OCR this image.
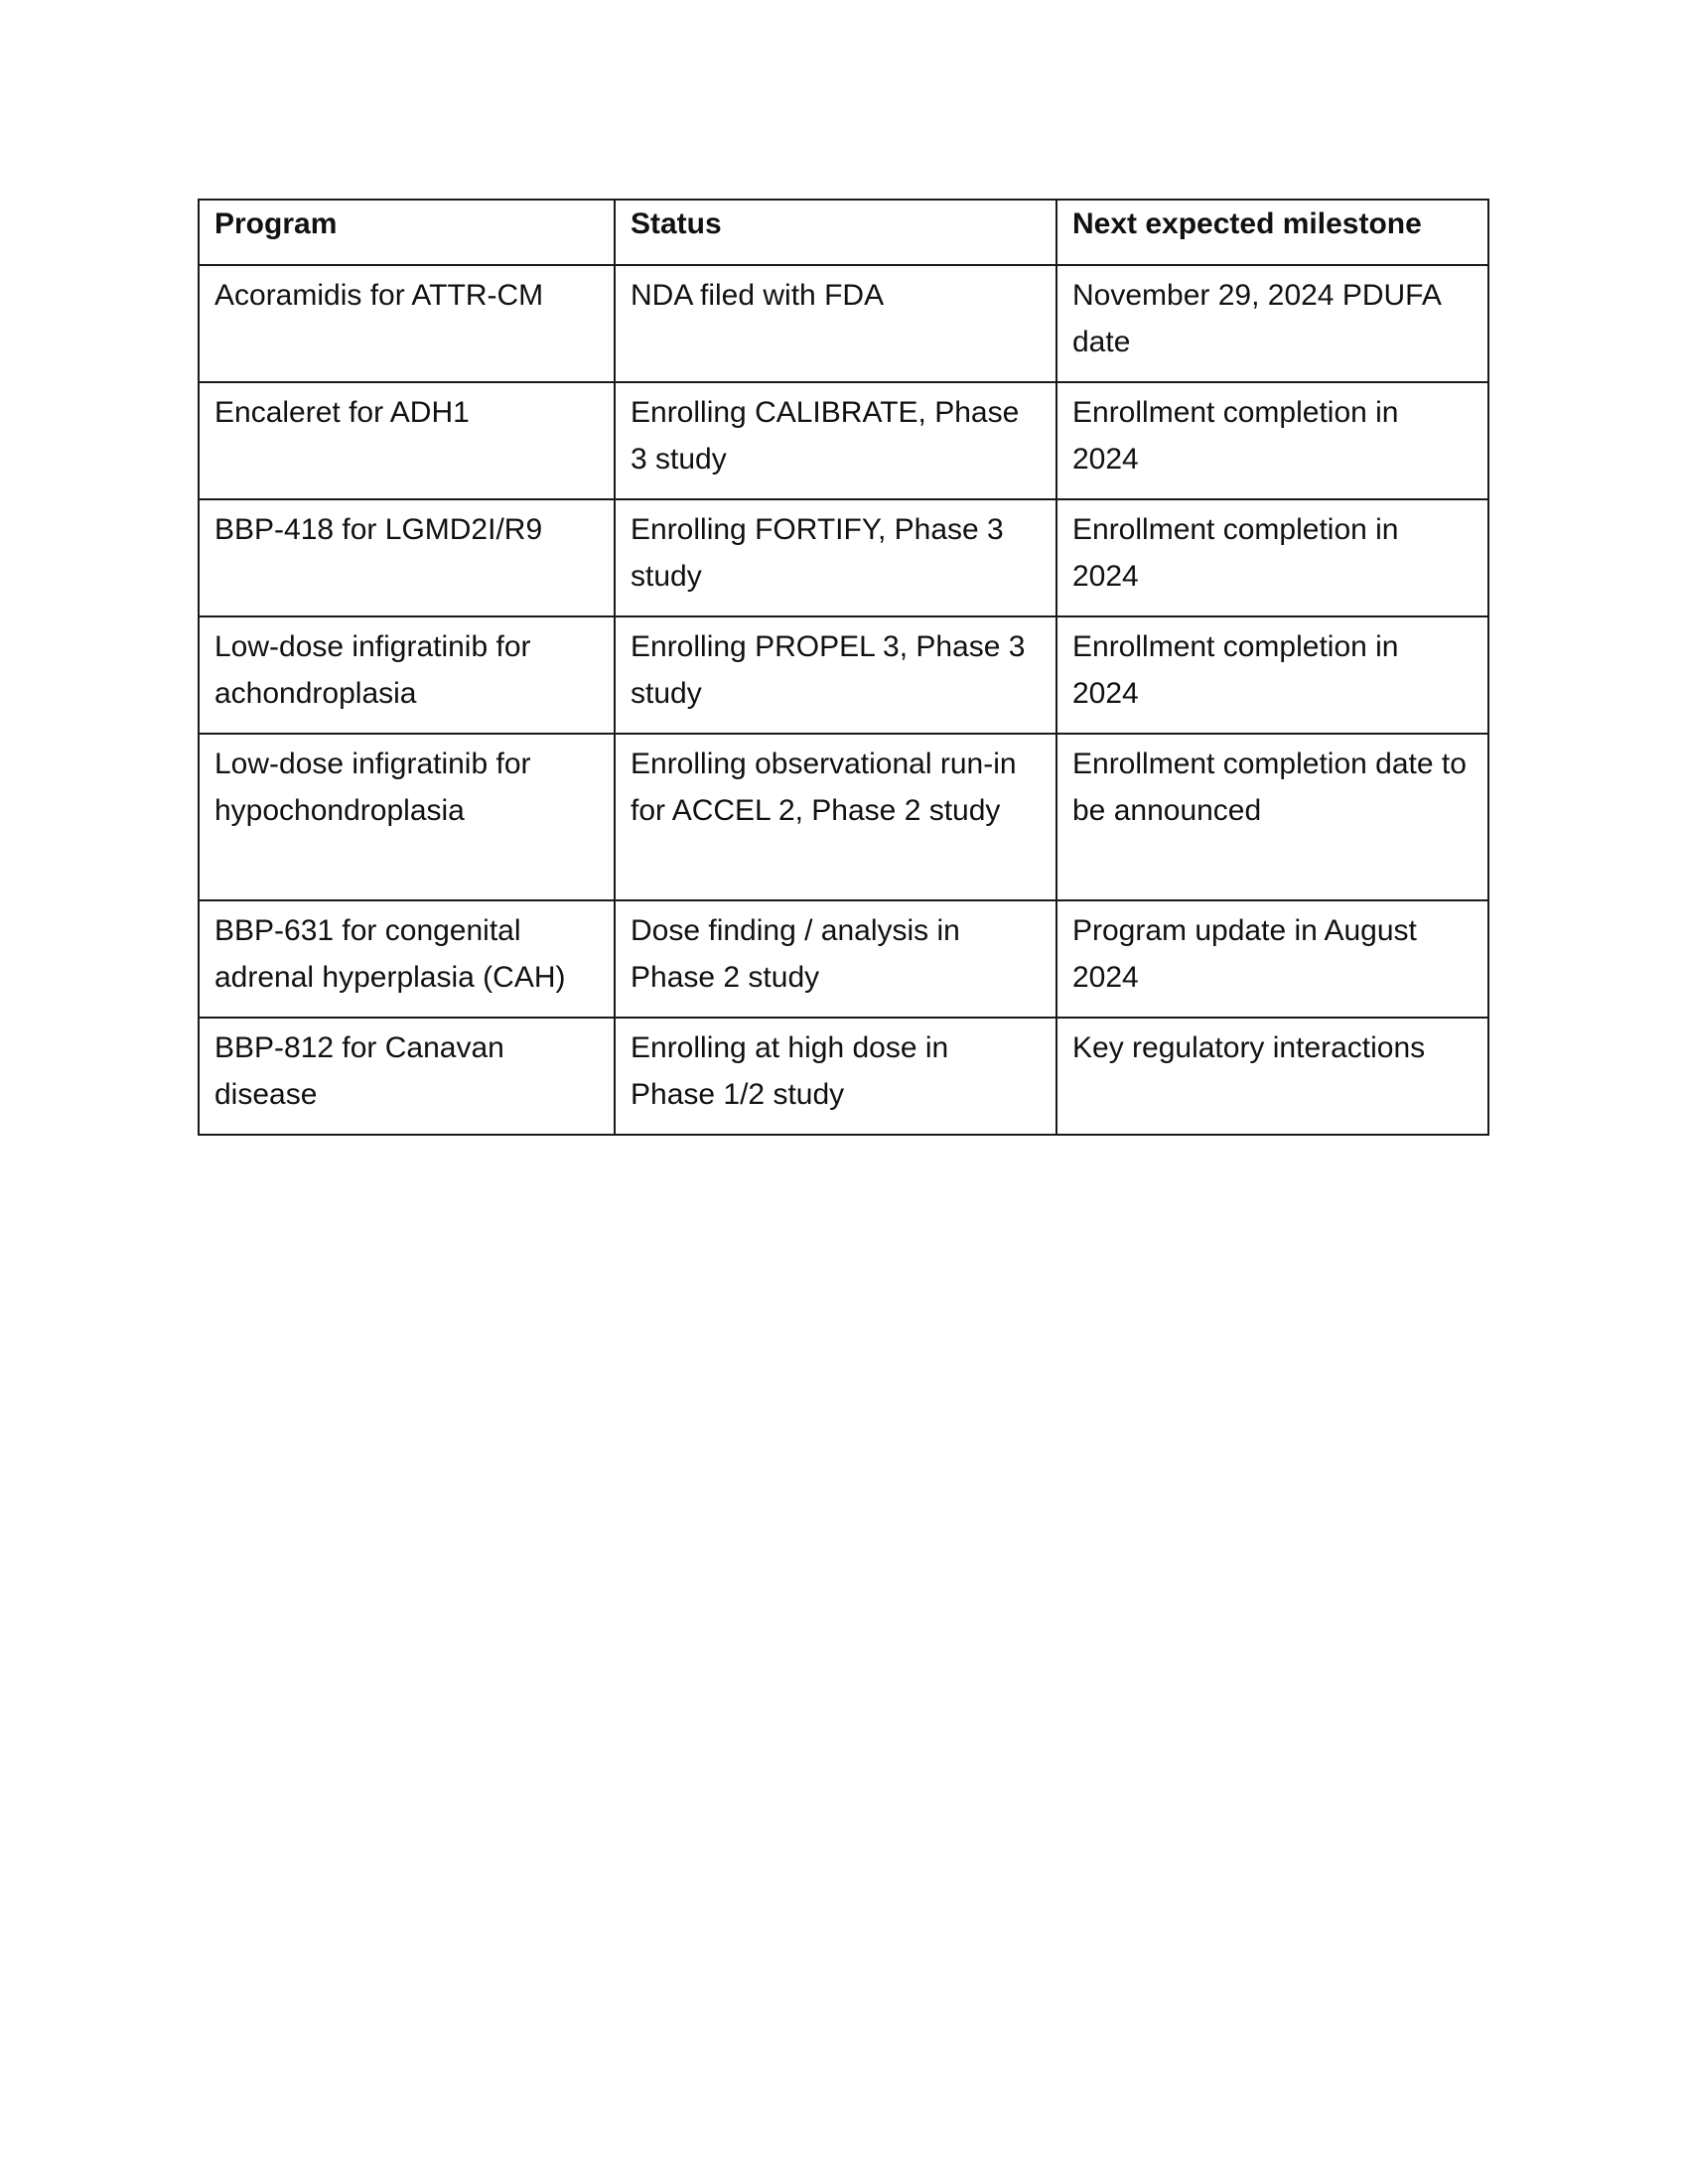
Program	Status	Next expected milestone
Acoramidis for ATTR-CM	NDA filed with FDA	November 29, 2024 PDUFA date
Encaleret for ADH1	Enrolling CALIBRATE, Phase 3 study	Enrollment completion in 2024
BBP-418 for LGMD2I/R9	Enrolling FORTIFY, Phase 3 study	Enrollment completion in 2024
Low-dose infigratinib for achondroplasia	Enrolling PROPEL 3, Phase 3 study	Enrollment completion in 2024
Low-dose infigratinib for hypochondroplasia	Enrolling observational run-in for ACCEL 2, Phase 2 study	Enrollment completion date to be announced
BBP-631 for congenital adrenal hyperplasia (CAH)	Dose finding / analysis in Phase 2 study	Program update in August 2024
BBP-812 for Canavan disease	Enrolling at high dose in Phase 1/2 study	Key regulatory interactions
